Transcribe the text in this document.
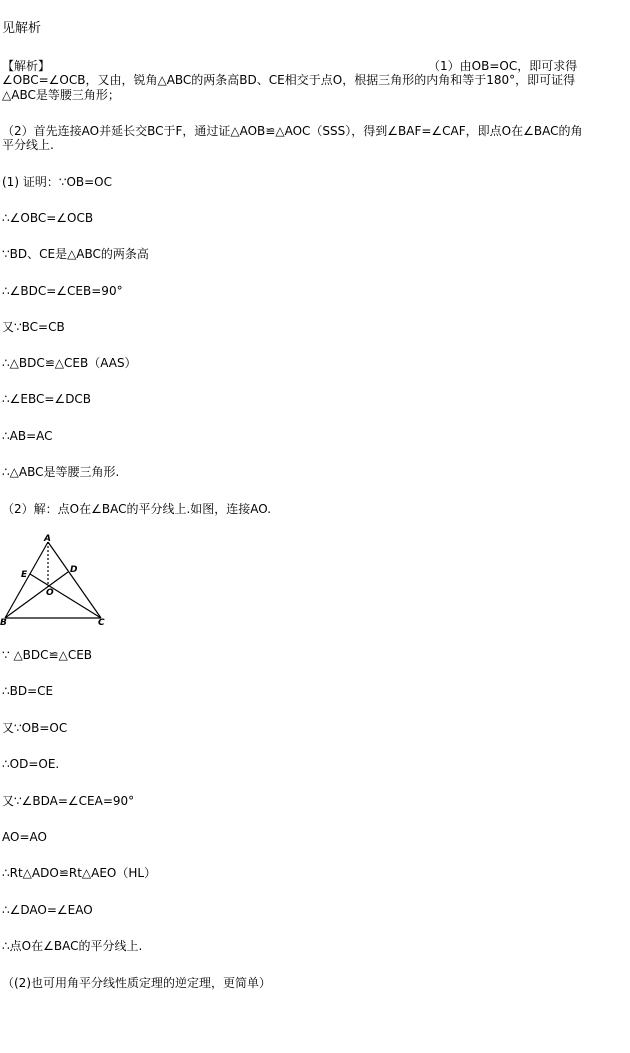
见解析
【解析】	（1）由OB=OC，即可求得
∠OBC=∠OCB，又由，锐角△ABC的两条高BD、CE相交于点O，根据三角形的内角和等于180°，即可证得
△ABC是等腰三角形；
（2）首先连接AO并延长交BC于F，通过证△AOB≌△AOC（SSS），得到∠BAF=∠CAF，即点O在∠BAC的角
平分线上.
(1) 证明：∵OB=OC
∴∠OBC=∠OCB
∵BD、CE是△ABC的两条高
∴∠BDC=∠CEB=90°
又∵BC=CB
∴△BDC≌△CEB（AAS）
∴∠EBC=∠DCB
∴AB=AC
∴△ABC是等腰三角形.
（2）解：点O在∠BAC的平分线上.如图，连接AO.
A
E	D
O
B	C
∵ △BDC≌△CEB
∴BD=CE
又∵OB=OC
∴OD=OE.
又∵∠BDA=∠CEA=90°
AO=AO
∴Rt△ADO≌Rt△AEO（HL）
∴∠DAO=∠EAO
∴点O在∠BAC的平分线上.
（(2)也可用角平分线性质定理的逆定理，更简单）
